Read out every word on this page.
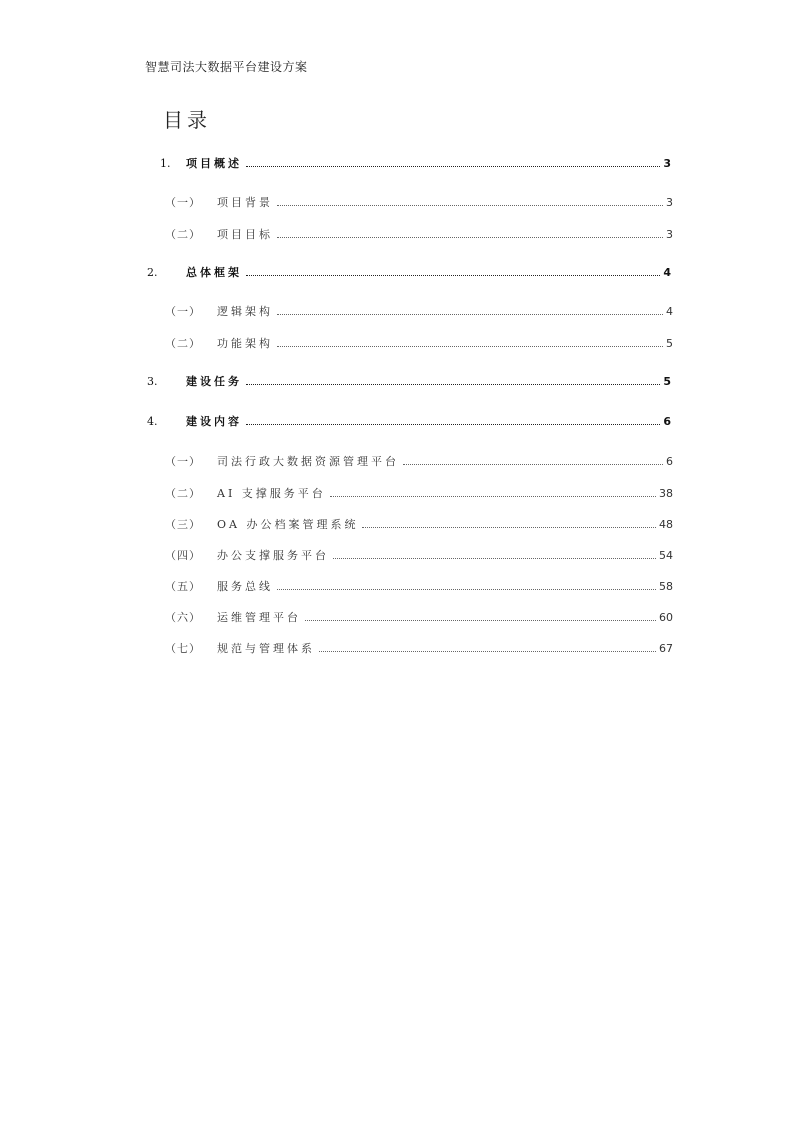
智慧司法大数据平台建设方案
目录
1.	项目概述	3
（一）	项目背景	3
（二）	项目目标	3
2.	总体框架	4
（一）	逻辑架构	4
（二）	功能架构	5
3.	建设任务	5
4.	建设内容	6
（一）	司法行政大数据资源管理平台	6
（二）	AI 支撑服务平台	38
（三）	OA 办公档案管理系统	48
（四）	办公支撑服务平台	54
（五）	服务总线	58
（六）	运维管理平台	60
（七）	规范与管理体系	67
